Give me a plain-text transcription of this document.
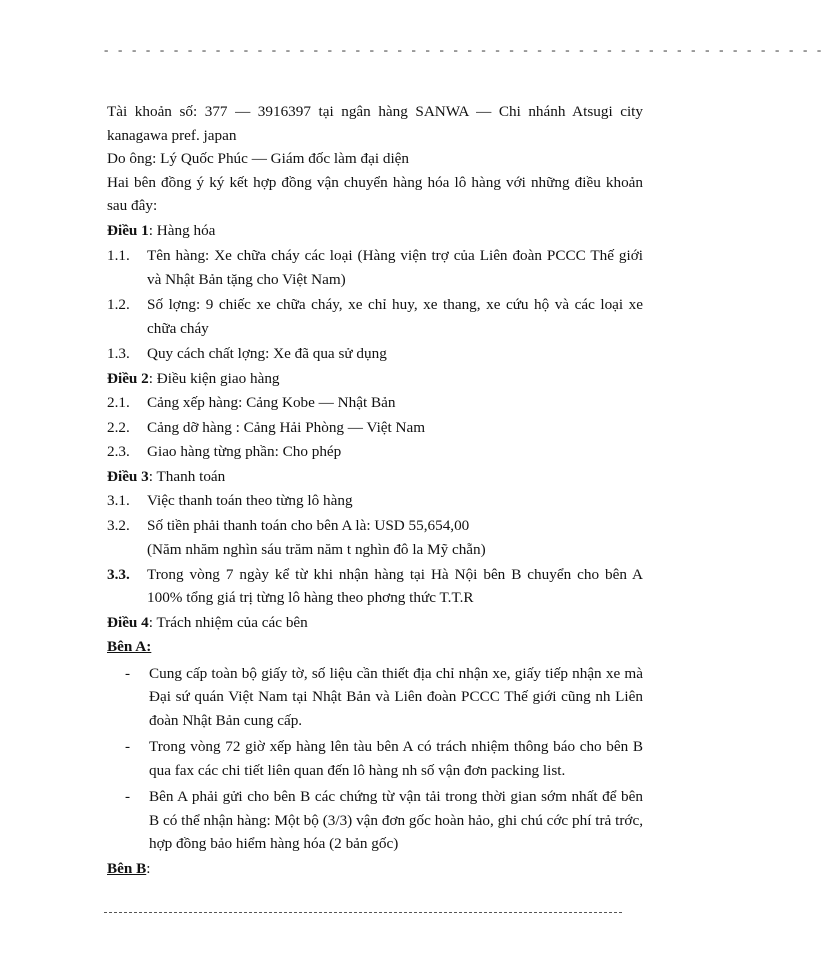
- - - - - - - - - - - - - - - - - - - - - - - - - - - - - - - - - - - - - - - - - - - - - - - - - - - -

Tài khoản số: 377 — 3916397 tại ngân hàng SANWA — Chi nhánh Atsugi city kanagawa pref. japan

Do ông: Lý Quốc Phúc — Giám đốc làm đại diện

Hai bên đồng ý ký kết hợp đồng vận chuyển hàng hóa lô hàng với những điều khoản sau đây:

Điều 1: Hàng hóa

1.1.	Tên hàng: Xe chữa cháy các loại (Hàng viện trợ của Liên đoàn PCCC Thế giới và Nhật Bản tặng cho Việt Nam)
1.2.	Số lợng: 9 chiếc xe chữa cháy, xe chỉ huy, xe thang, xe cứu hộ và các loại xe chữa cháy
1.3.	Quy cách chất lợng: Xe đã qua sử dụng

Điều 2: Điều kiện giao hàng

2.1.	Cảng xếp hàng: Cảng Kobe — Nhật Bản
2.2.	Cảng dỡ hàng : Cảng Hải Phòng — Việt Nam
2.3.	Giao hàng từng phần: Cho phép

Điều 3: Thanh toán

3.1.	Việc thanh toán theo từng lô hàng
3.2.	Số tiền phải thanh toán cho bên A là: USD 55,654,00
(Năm nhăm nghìn sáu trăm năm t nghìn đô la Mỹ chẵn)
3.3.	Trong vòng 7 ngày kể từ khi nhận hàng tại Hà Nội bên B chuyển cho bên A 100% tổng giá trị từng lô hàng theo phơng thức T.T.R

Điều 4: Trách nhiệm của các bên

Bên A:

-	Cung cấp toàn bộ giấy tờ, số liệu cần thiết địa chỉ nhận xe, giấy tiếp nhận xe mà Đại sứ quán Việt Nam tại Nhật Bản và Liên đoàn PCCC Thế giới cũng nh Liên đoàn Nhật Bản cung cấp.
-	Trong vòng 72 giờ xếp hàng lên tàu bên A có trách nhiệm thông báo cho bên B qua fax các chi tiết liên quan đến lô hàng nh số vận đơn packing list.
-	Bên A phải gửi cho bên B các chứng từ vận tải trong thời gian sớm nhất để bên B có thể nhận hàng: Một bộ (3/3) vận đơn gốc hoàn hảo, ghi chú cớc phí trả trớc, hợp đồng bảo hiểm hàng hóa (2 bản gốc)

Bên B:
